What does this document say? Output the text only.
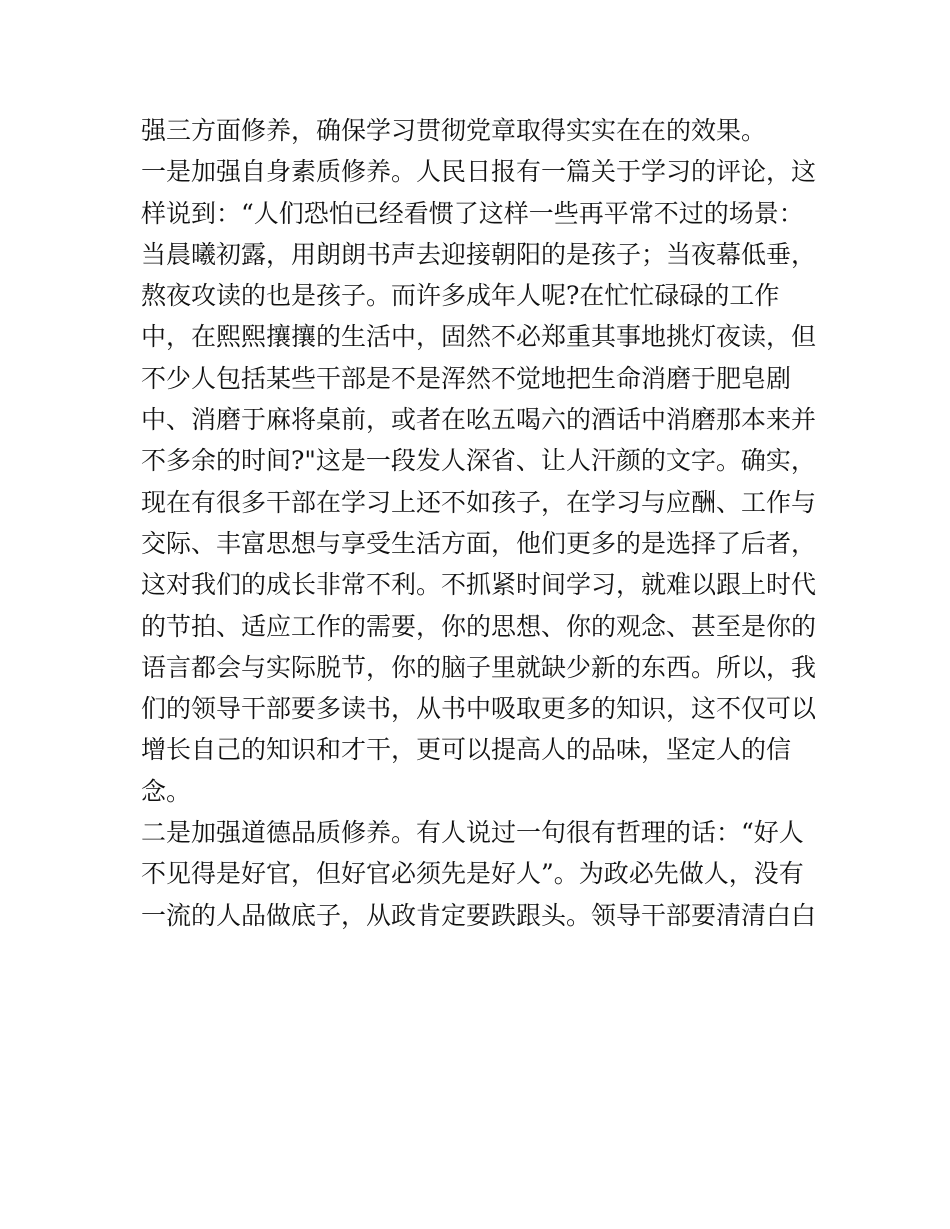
强三方面修养，确保学习贯彻党章取得实实在在的效果。
一是加强自身素质修养。人民日报有一篇关于学习的评论，这
样说到：“人们恐怕已经看惯了这样一些再平常不过的场景：
当晨曦初露，用朗朗书声去迎接朝阳的是孩子；当夜幕低垂，
熬夜攻读的也是孩子。而许多成年人呢?在忙忙碌碌的工作
中，在熙熙攘攘的生活中，固然不必郑重其事地挑灯夜读，但
不少人包括某些干部是不是浑然不觉地把生命消磨于肥皂剧
中、消磨于麻将桌前，或者在吆五喝六的酒话中消磨那本来并
不多余的时间?"这是一段发人深省、让人汗颜的文字。确实，
现在有很多干部在学习上还不如孩子，在学习与应酬、工作与
交际、丰富思想与享受生活方面，他们更多的是选择了后者，
这对我们的成长非常不利。不抓紧时间学习，就难以跟上时代
的节拍、适应工作的需要，你的思想、你的观念、甚至是你的
语言都会与实际脱节，你的脑子里就缺少新的东西。所以，我
们的领导干部要多读书，从书中吸取更多的知识，这不仅可以
增长自己的知识和才干，更可以提高人的品味，坚定人的信
念。
二是加强道德品质修养。有人说过一句很有哲理的话：“好人
不见得是好官，但好官必须先是好人”。为政必先做人，没有
一流的人品做底子，从政肯定要跌跟头。领导干部要清清白白
